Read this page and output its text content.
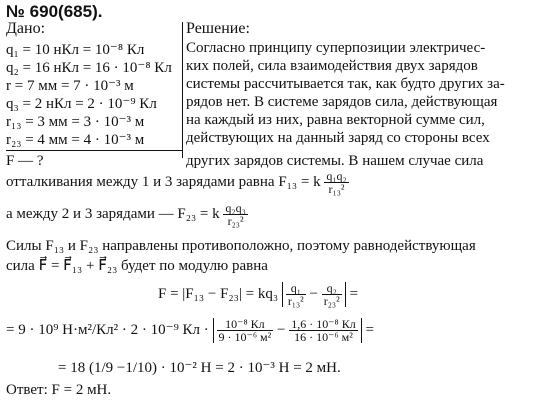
№ 690(685).
Дано:
q₁ = 10 нКл = 10⁻⁸ Кл
q₂ = 16 нКл = 16 · 10⁻⁸ Кл
r = 7 мм = 7 · 10⁻³ м
q₃ = 2 нКл = 2 · 10⁻⁹ Кл
r₁₃ = 3 мм = 3 · 10⁻³ м
r₂₃ = 4 мм = 4 · 10⁻³ м
F — ?
Решение:
Согласно принципу суперпозиции электричес-
ких полей, сила взаимодействия двух зарядов
системы рассчитывается так, как будто других за-
рядов нет. В системе зарядов сила, действующая
на каждый из них, равна векторной сумме сил,
действующих на данный заряд со стороны всех
других зарядов системы. В нашем случае сила
отталкивания между 1 и 3 зарядами равна F₁₃ = k $\frac{\text{q₁q₂}}{\text{r₁₃²}}$
а между 2 и 3 зарядами — F₂₃ = k $\frac{\text{q₂q₃}}{\text{r₂₃²}}$
Силы F₁₃ и F₂₃ направлены противоположно, поэтому равнодействующая
сила F⃗ = F⃗₁₃ + F⃗₂₃ будет по модулю равна
$F = |F_{13} - F_{23}| = kq_3 \frac{\text{q₁}}{\text{r₁₃²}} - \frac{\text{q₂}}{\text{r₂₃²}}$ =
= 9 · 10⁹ Н·м²/Кл² · 2 · 10⁻⁹ Кл · $\frac{\text{10⁻⁸ Кл}}{\text{9 · 10⁻⁶ м²}} - \frac{\text{1,6 · 10⁻⁸ Кл}}{\text{16 · 10⁻⁶ м²}}$ =
= 18 (1/9 −1/10) · 10⁻² Н = 2 · 10⁻³ Н = 2 мН.
Ответ: F = 2 мН.
